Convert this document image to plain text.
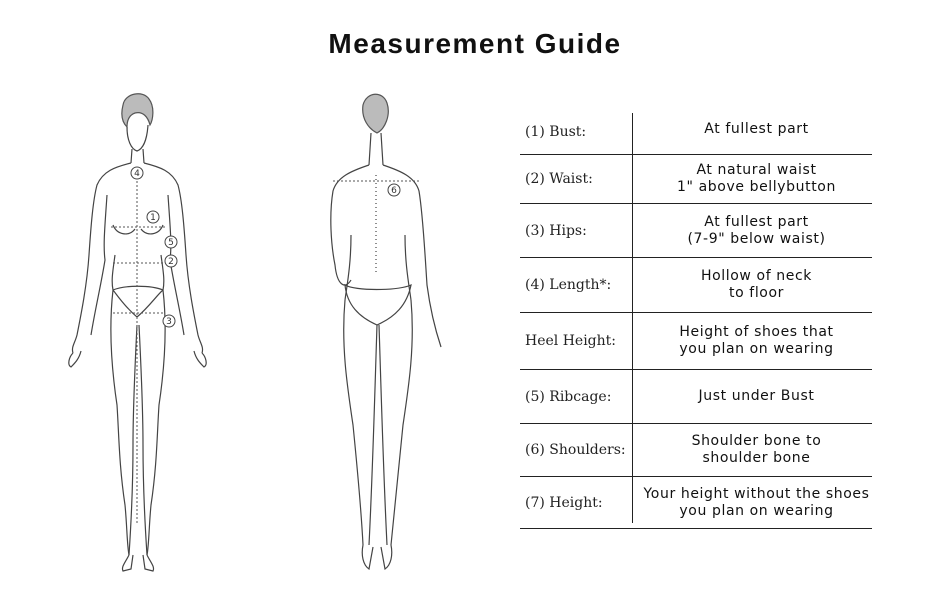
Measurement Guide
1
2
3
4
5
6
(1) Bust:	At fullest part
(2) Waist:
At natural waist
1" above bellybutton
(3) Hips:
At fullest part
(7-9" below waist)
(4) Length*:
Hollow of neck
to floor
Heel Height:
Height of shoes that
you plan on wearing
(5) Ribcage:	Just under Bust
(6) Shoulders:
Shoulder bone to
shoulder bone
(7) Height:
Your height without the shoes
you plan on wearing
